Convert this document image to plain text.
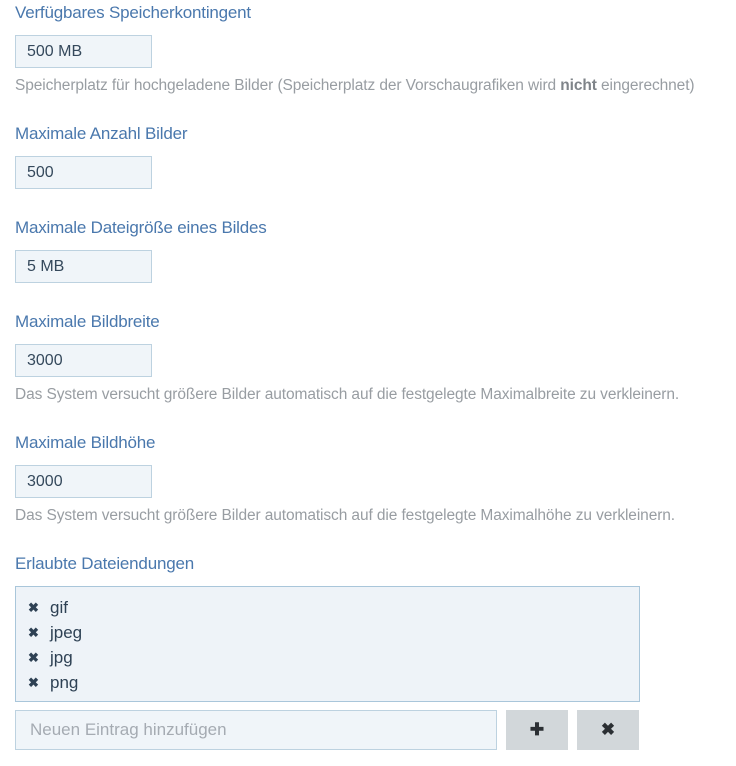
Verfügbares Speicherkontingent
500 MB

Speicherplatz für hochgeladene Bilder (Speicherplatz der Vorschaugrafiken wird nicht eingerechnet)

Maximale Anzahl Bilder
500
Maximale Dateigröße eines Bildes
5 MB
Maximale Bildbreite
3000

Das System versucht größere Bilder automatisch auf die festgelegte Maximalbreite zu verkleinern.

Maximale Bildhöhe
3000

Das System versucht größere Bilder automatisch auf die festgelegte Maximalhöhe zu verkleinern.

Erlaubte Dateiendungen
✖ gif
✖ jpeg
✖ jpg
✖ png
Neuen Eintrag hinzufügen
✚	✖
